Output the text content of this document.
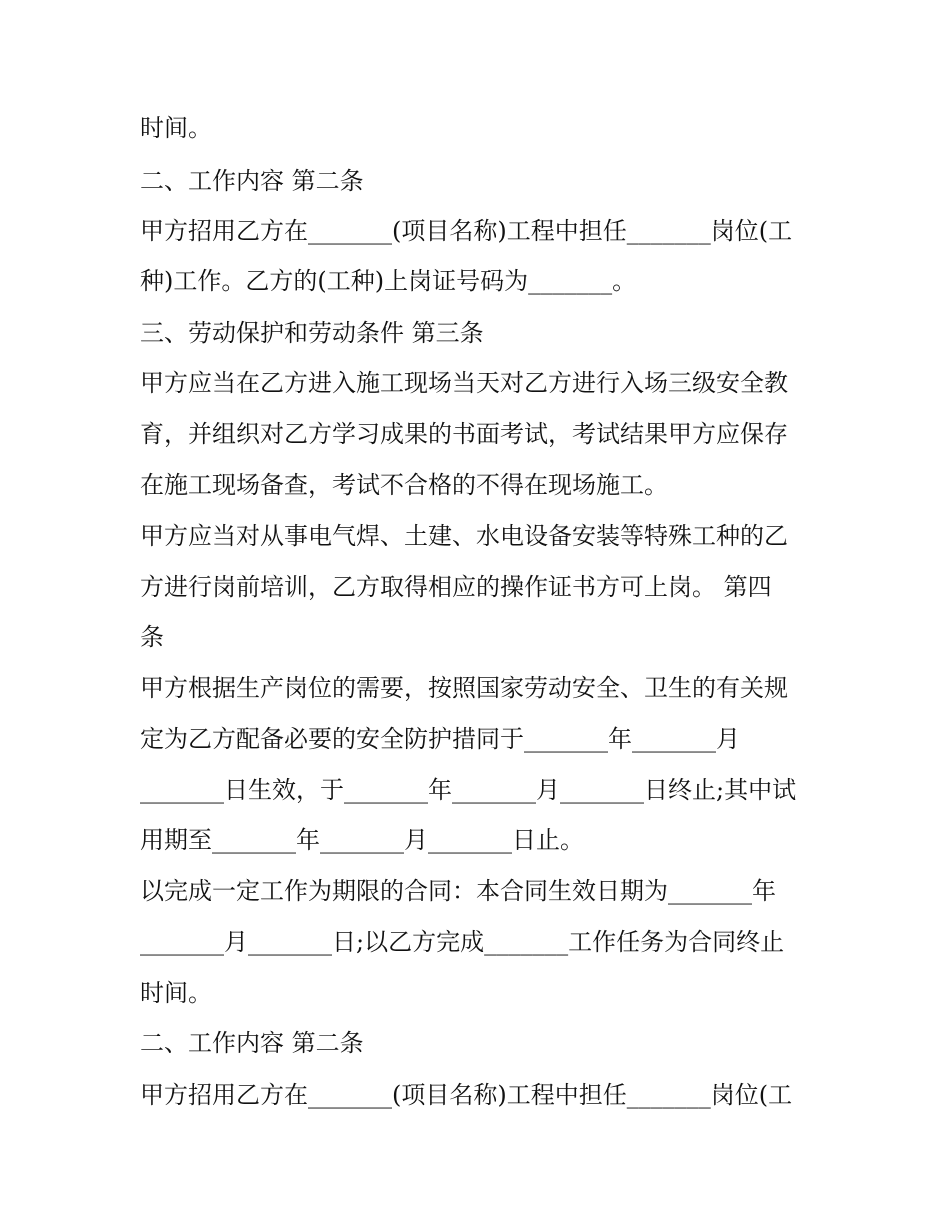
时间。
二、工作内容 第二条
甲方招用乙方在_______(项目名称)工程中担任_______岗位(工
种)工作。乙方的(工种)上岗证号码为_______。
三、劳动保护和劳动条件 第三条
甲方应当在乙方进入施工现场当天对乙方进行入场三级安全教
育，并组织对乙方学习成果的书面考试，考试结果甲方应保存
在施工现场备查，考试不合格的不得在现场施工。
甲方应当对从事电气焊、土建、水电设备安装等特殊工种的乙
方进行岗前培训，乙方取得相应的操作证书方可上岗。 第四
条
甲方根据生产岗位的需要，按照国家劳动安全、卫生的有关规
定为乙方配备必要的安全防护措同于_______年_______月
_______日生效，于_______年_______月_______日终止;其中试
用期至_______年_______月_______日止。
以完成一定工作为期限的合同：本合同生效日期为_______年
_______月_______日;以乙方完成_______工作任务为合同终止
时间。
二、工作内容 第二条
甲方招用乙方在_______(项目名称)工程中担任_______岗位(工
